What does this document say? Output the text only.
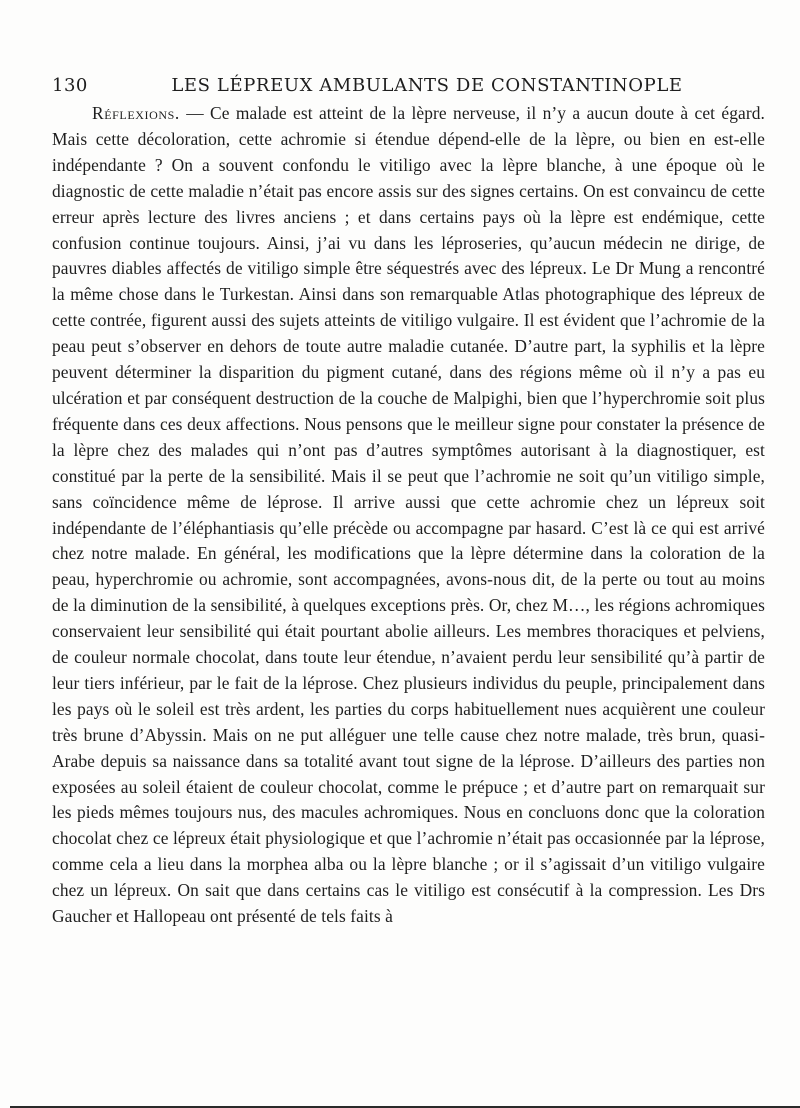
130	LES LÉPREUX AMBULANTS DE CONSTANTINOPLE

Réflexions. — Ce malade est atteint de la lèpre nerveuse, il n’y a aucun doute à cet égard. Mais cette décoloration, cette achromie si étendue dépend-elle de la lèpre, ou bien en est-elle indépendante ? On a souvent confondu le vitiligo avec la lèpre blanche, à une époque où le diagnostic de cette maladie n’était pas encore assis sur des signes certains. On est convaincu de cette erreur après lecture des livres anciens ; et dans certains pays où la lèpre est endémique, cette confusion continue toujours. Ainsi, j’ai vu dans les léproseries, qu’aucun médecin ne dirige, de pauvres diables affectés de vitiligo simple être séquestrés avec des lépreux. Le Dr Mung a rencontré la même chose dans le Turkestan. Ainsi dans son remarquable Atlas photographique des lépreux de cette contrée, figurent aussi des sujets atteints de vitiligo vulgaire. Il est évident que l’achromie de la peau peut s’observer en dehors de toute autre maladie cutanée. D’autre part, la syphilis et la lèpre peuvent déterminer la disparition du pigment cutané, dans des régions même où il n’y a pas eu ulcération et par conséquent destruction de la couche de Malpighi, bien que l’hyperchromie soit plus fréquente dans ces deux affections. Nous pensons que le meilleur signe pour constater la présence de la lèpre chez des malades qui n’ont pas d’autres symptômes autorisant à la diagnostiquer, est constitué par la perte de la sensibilité. Mais il se peut que l’achromie ne soit qu’un vitiligo simple, sans coïncidence même de léprose. Il arrive aussi que cette achromie chez un lépreux soit indépendante de l’éléphantiasis qu’elle précède ou accompagne par hasard. C’est là ce qui est arrivé chez notre malade. En général, les modifications que la lèpre détermine dans la coloration de la peau, hyperchromie ou achromie, sont accompagnées, avons-nous dit, de la perte ou tout au moins de la diminution de la sensibilité, à quelques exceptions près. Or, chez M…, les régions achromiques conservaient leur sensibilité qui était pourtant abolie ailleurs. Les membres thoraciques et pelviens, de couleur normale chocolat, dans toute leur étendue, n’avaient perdu leur sensibilité qu’à partir de leur tiers inférieur, par le fait de la léprose. Chez plusieurs individus du peuple, principalement dans les pays où le soleil est très ardent, les parties du corps habituellement nues acquièrent une couleur très brune d’Abyssin. Mais on ne put alléguer une telle cause chez notre malade, très brun, quasi-Arabe depuis sa naissance dans sa totalité avant tout signe de la léprose. D’ailleurs des parties non exposées au soleil étaient de couleur chocolat, comme le prépuce ; et d’autre part on remarquait sur les pieds mêmes toujours nus, des macules achromiques. Nous en concluons donc que la coloration chocolat chez ce lépreux était physiologique et que l’achromie n’était pas occasionnée par la léprose, comme cela a lieu dans la morphea alba ou la lèpre blanche ; or il s’agissait d’un vitiligo vulgaire chez un lépreux. On sait que dans certains cas le vitiligo est consécutif à la compression. Les Drs Gaucher et Hallopeau ont présenté de tels faits à
